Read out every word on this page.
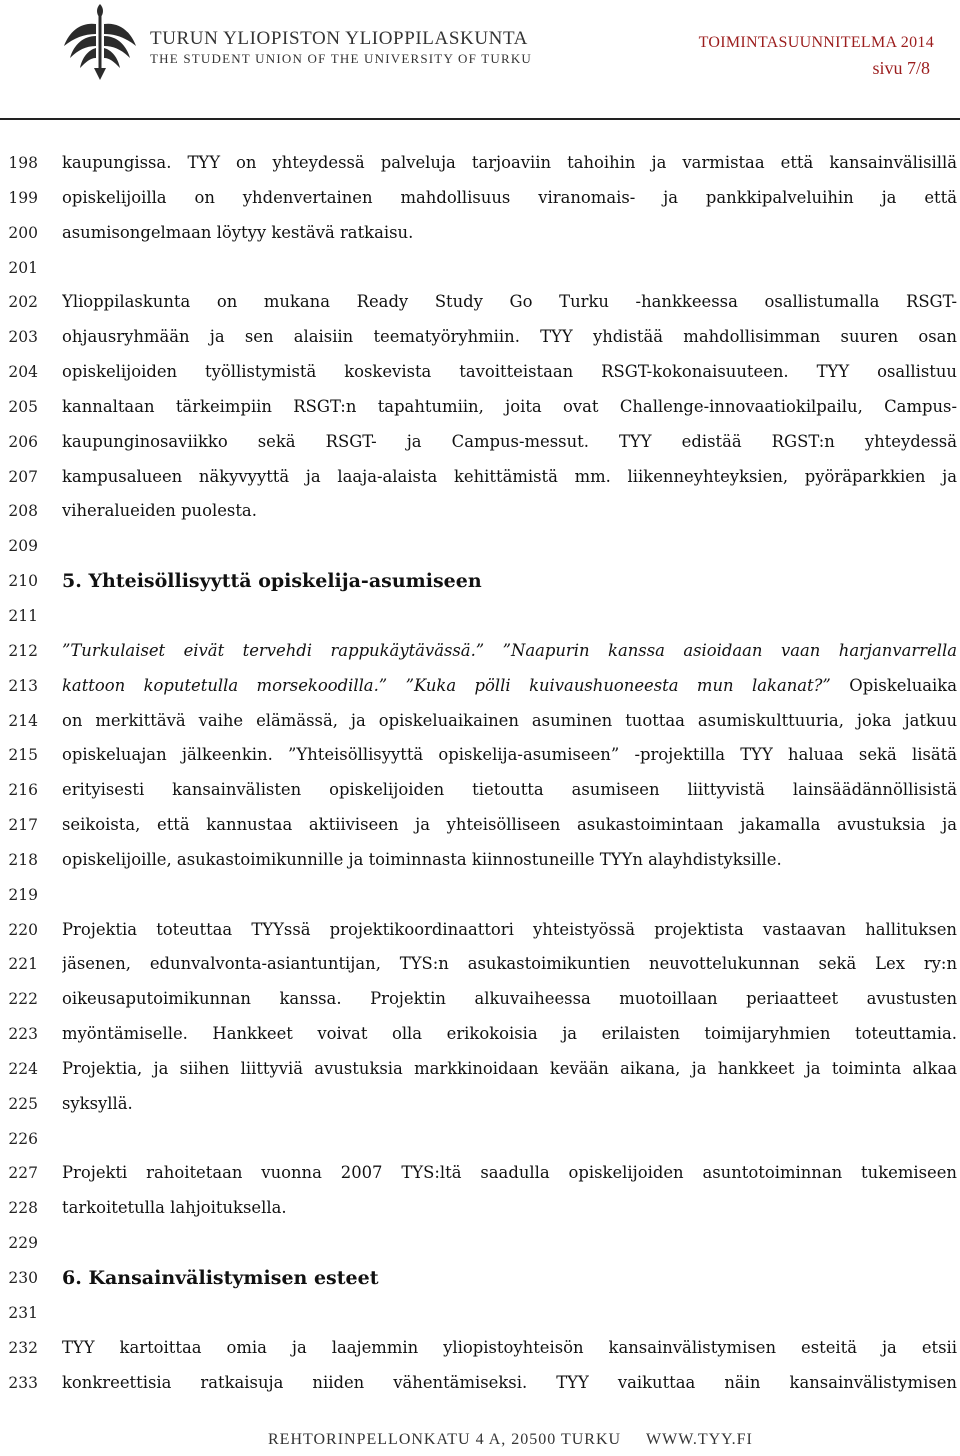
TURUN YLIOPISTON YLIOPPILASKUNTA
THE STUDENT UNION OF THE UNIVERSITY OF TURKU
TOIMINTASUUNNITELMA 2014
sivu 7/8
198
199
200
201
202
203
204
205
206
207
208
209
210
211
212
213
214
215
216
217
218
219
220
221
222
223
224
225
226
227
228
229
230
231
232
233
kaupungissa. TYY on yhteydessä palveluja tarjoaviin tahoihin ja varmistaa että kansainvälisillä
opiskelijoilla on yhdenvertainen mahdollisuus viranomais- ja pankkipalveluihin ja että
asumisongelmaan löytyy kestävä ratkaisu.
Ylioppilaskunta on mukana Ready Study Go Turku -hankkeessa osallistumalla RSGT-
ohjausryhmään ja sen alaisiin teematyöryhmiin. TYY yhdistää mahdollisimman suuren osan
opiskelijoiden työllistymistä koskevista tavoitteistaan RSGT-kokonaisuuteen. TYY osallistuu
kannaltaan tärkeimpiin RSGT:n tapahtumiin, joita ovat Challenge-innovaatiokilpailu, Campus-
kaupunginosaviikko sekä RSGT- ja Campus-messut. TYY edistää RGST:n yhteydessä
kampusalueen näkyvyyttä ja laaja-alaista kehittämistä mm. liikenneyhteyksien, pyöräparkkien ja
viheralueiden puolesta.
5. Yhteisöllisyyttä opiskelija-asumiseen
”Turkulaiset eivät tervehdi rappukäytävässä.” ”Naapurin kanssa asioidaan vaan harjanvarrella
kattoon koputetulla morsekoodilla.” ”Kuka pölli kuivaushuoneesta mun lakanat?” Opiskeluaika
on merkittävä vaihe elämässä, ja opiskeluaikainen asuminen tuottaa asumiskulttuuria, joka jatkuu
opiskeluajan jälkeenkin. ”Yhteisöllisyyttä opiskelija-asumiseen” -projektilla TYY haluaa sekä lisätä
erityisesti kansainvälisten opiskelijoiden tietoutta asumiseen liittyvistä lainsäädännöllisistä
seikoista, että kannustaa aktiiviseen ja yhteisölliseen asukastoimintaan jakamalla avustuksia ja
opiskelijoille, asukastoimikunnille ja toiminnasta kiinnostuneille TYYn alayhdistyksille.
Projektia toteuttaa TYYssä projektikoordinaattori yhteistyössä projektista vastaavan hallituksen
jäsenen, edunvalvonta-asiantuntijan, TYS:n asukastoimikuntien neuvottelukunnan sekä Lex ry:n
oikeusaputoimikunnan kanssa. Projektin alkuvaiheessa muotoillaan periaatteet avustusten
myöntämiselle. Hankkeet voivat olla erikokoisia ja erilaisten toimijaryhmien toteuttamia.
Projektia, ja siihen liittyviä avustuksia markkinoidaan kevään aikana, ja hankkeet ja toiminta alkaa
syksyllä.
Projekti rahoitetaan vuonna 2007 TYS:ltä saadulla opiskelijoiden asuntotoiminnan tukemiseen
tarkoitetulla lahjoituksella.
6. Kansainvälistymisen esteet
TYY kartoittaa omia ja laajemmin yliopistoyhteisön kansainvälistymisen esteitä ja etsii
konkreettisia ratkaisuja niiden vähentämiseksi. TYY vaikuttaa näin kansainvälistymisen
REHTORINPELLONKATU 4 A, 20500 TURKU WWW.TYY.FI
